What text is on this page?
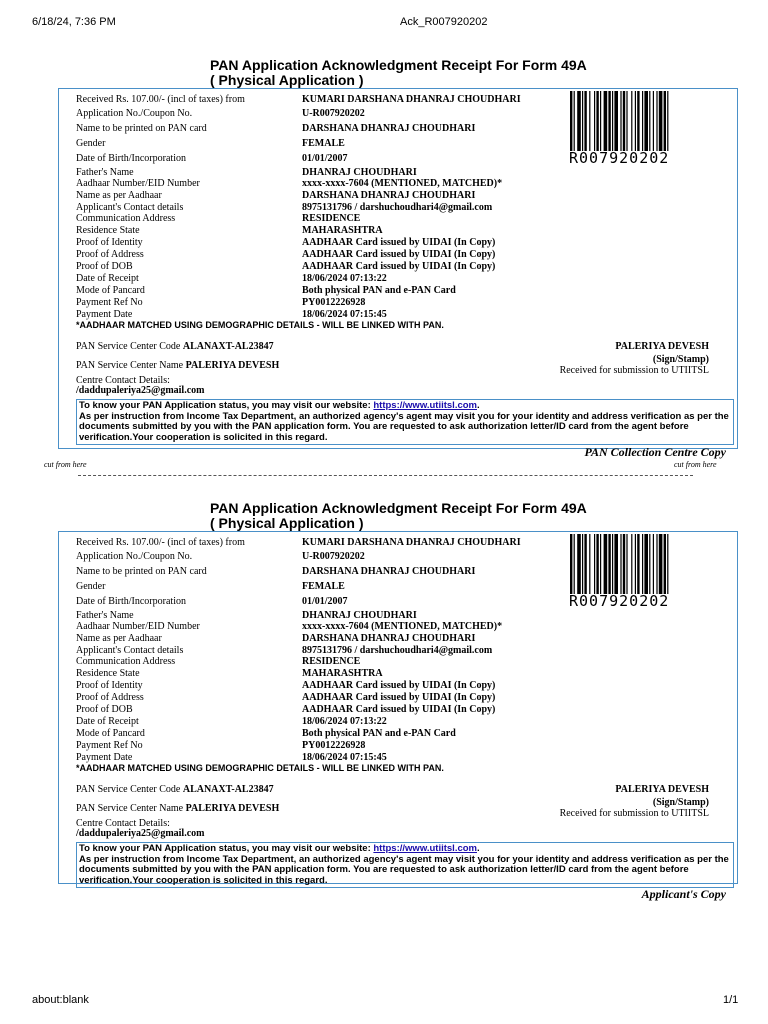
6/18/24, 7:36 PM	Ack_R007920202
PAN Application Acknowledgment Receipt For Form 49A
( Physical Application )
R007920202
Received Rs. 107.00/- (incl of taxes) from	KUMARI DARSHANA DHANRAJ CHOUDHARI
Application No./Coupon No.	U-R007920202
Name to be printed on PAN card	DARSHANA DHANRAJ CHOUDHARI
Gender	FEMALE
Date of Birth/Incorporation	01/01/2007
Father's Name	DHANRAJ CHOUDHARI
Aadhaar Number/EID Number	xxxx-xxxx-7604 (MENTIONED, MATCHED)*
Name as per Aadhaar	DARSHANA DHANRAJ CHOUDHARI
Applicant's Contact details	8975131796 / darshuchoudhari4@gmail.com
Communication Address	RESIDENCE
Residence State	MAHARASHTRA
Proof of Identity	AADHAAR Card issued by UIDAI (In Copy)
Proof of Address	AADHAAR Card issued by UIDAI (In Copy)
Proof of DOB	AADHAAR Card issued by UIDAI (In Copy)
Date of Receipt	18/06/2024 07:13:22
Mode of Pancard	Both physical PAN and e-PAN Card
Payment Ref No	PY0012226928
Payment Date	18/06/2024 07:15:45
*AADHAAR MATCHED USING DEMOGRAPHIC DETAILS - WILL BE LINKED WITH PAN.
PAN Service Center Code ALANAXT-AL23847
PAN Service Center Name PALERIYA DEVESH
PALERIYA DEVESH
(Sign/Stamp)
Received for submission to UTIITSL
Centre Contact Details:
/daddupaleriya25@gmail.com
To know your PAN Application status, you may visit our website: https://www.utiitsl.com.
As per instruction from Income Tax Department, an authorized agency's agent may visit you for your identity and address verification as per the documents submitted by you with the PAN application form. You are requested to ask authorization letter/ID card from the agent before verification.Your cooperation is solicited in this regard.
PAN Collection Centre Copy
cut from here	cut from here
PAN Application Acknowledgment Receipt For Form 49A
( Physical Application )
R007920202
Received Rs. 107.00/- (incl of taxes) from	KUMARI DARSHANA DHANRAJ CHOUDHARI
Application No./Coupon No.	U-R007920202
Name to be printed on PAN card	DARSHANA DHANRAJ CHOUDHARI
Gender	FEMALE
Date of Birth/Incorporation	01/01/2007
Father's Name	DHANRAJ CHOUDHARI
Aadhaar Number/EID Number	xxxx-xxxx-7604 (MENTIONED, MATCHED)*
Name as per Aadhaar	DARSHANA DHANRAJ CHOUDHARI
Applicant's Contact details	8975131796 / darshuchoudhari4@gmail.com
Communication Address	RESIDENCE
Residence State	MAHARASHTRA
Proof of Identity	AADHAAR Card issued by UIDAI (In Copy)
Proof of Address	AADHAAR Card issued by UIDAI (In Copy)
Proof of DOB	AADHAAR Card issued by UIDAI (In Copy)
Date of Receipt	18/06/2024 07:13:22
Mode of Pancard	Both physical PAN and e-PAN Card
Payment Ref No	PY0012226928
Payment Date	18/06/2024 07:15:45
*AADHAAR MATCHED USING DEMOGRAPHIC DETAILS - WILL BE LINKED WITH PAN.
PAN Service Center Code ALANAXT-AL23847
PAN Service Center Name PALERIYA DEVESH
PALERIYA DEVESH
(Sign/Stamp)
Received for submission to UTIITSL
Centre Contact Details:
/daddupaleriya25@gmail.com
To know your PAN Application status, you may visit our website: https://www.utiitsl.com.
As per instruction from Income Tax Department, an authorized agency's agent may visit you for your identity and address verification as per the documents submitted by you with the PAN application form. You are requested to ask authorization letter/ID card from the agent before verification.Your cooperation is solicited in this regard.
Applicant's Copy
about:blank	1/1
